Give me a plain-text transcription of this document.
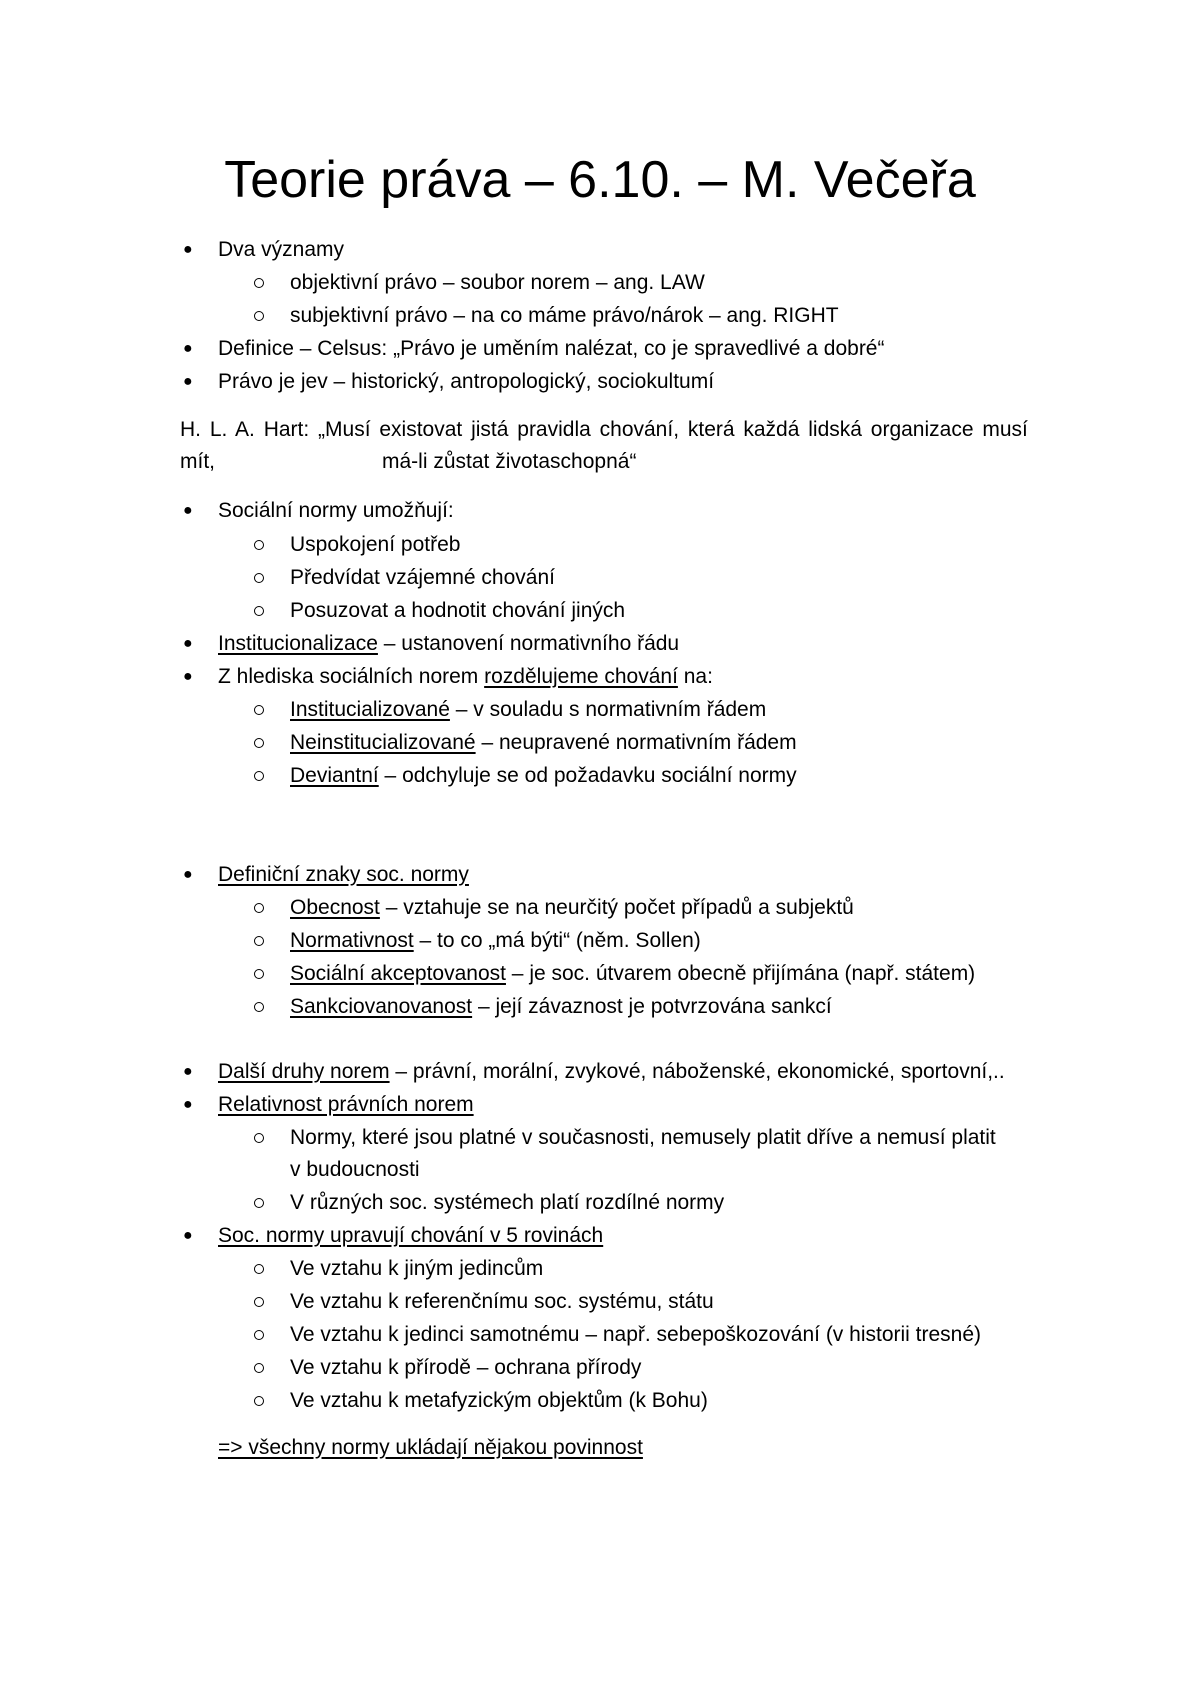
Teorie práva – 6.10. – M. Večeřa
● Dva významy
objektivní právo – soubor norem – ang. LAW
subjektivní právo – na co máme právo/nárok – ang. RIGHT
● Definice – Celsus: „Právo je uměním nalézat, co je spravedlivé a dobré“
● Právo je jev – historický, antropologický, sociokultumí
H. L. A. Hart: „Musí existovat jistá pravidla chování, která každá lidská organizace musí
mít,	má-li zůstat životaschopná“
● Sociální normy umožňují:
Uspokojení potřeb
Předvídat vzájemné chování
Posuzovat a hodnotit chování jiných
● Institucionalizace – ustanovení normativního řádu
● Z hlediska sociálních norem rozdělujeme chování na:
Institucializované – v souladu s normativním řádem
Neinstitucializované – neupravené normativním řádem
Deviantní – odchyluje se od požadavku sociální normy
● Definiční znaky soc. normy
Obecnost – vztahuje se na neurčitý počet případů a subjektů
Normativnost – to co „má býti“ (něm. Sollen)
Sociální akceptovanost – je soc. útvarem obecně přijímána (např. státem)
Sankciovanovanost – její závaznost je potvrzována sankcí
● Další druhy norem – právní, morální, zvykové, náboženské, ekonomické, sportovní,..
● Relativnost právních norem
Normy, které jsou platné v současnosti, nemusely platit dříve a nemusí platit
v budoucnosti
V různých soc. systémech platí rozdílné normy
● Soc. normy upravují chování v 5 rovinách
Ve vztahu k jiným jedincům
Ve vztahu k referenčnímu soc. systému, státu
Ve vztahu k jedinci samotnému – např. sebepoškozování (v historii tresné)
Ve vztahu k přírodě – ochrana přírody
Ve vztahu k metafyzickým objektům (k Bohu)
=> všechny normy ukládají nějakou povinnost
